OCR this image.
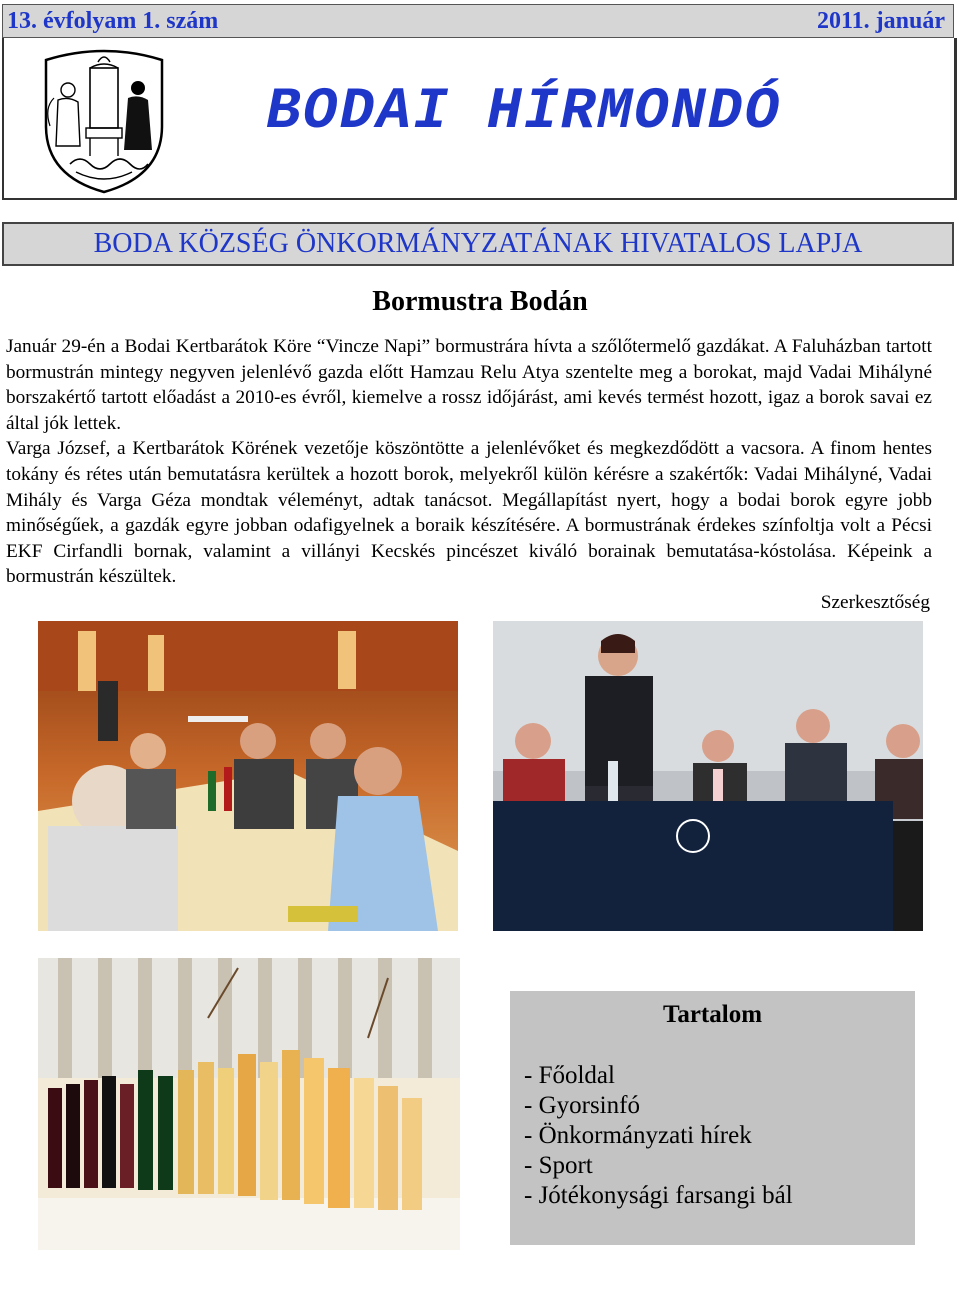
13. évfolyam 1. szám	2011. január
BODAI HÍRMONDÓ
BODA KÖZSÉG ÖNKORMÁNYZATÁNAK HIVATALOS LAPJA
Bormustra Bodán

Január 29-én a Bodai Kertbarátok Köre “Vincze Napi” bormustrára hívta a szőlőtermelő gazdákat. A Faluházban tartott bormustrán mintegy negyven jelenlévő gazda előtt Hamzau Relu Atya szentelte meg a borokat, majd Vadai Mihályné borszakértő tartott előadást a 2010-es évről, kiemelve a rossz időjárást, ami kevés termést hozott, igaz a borok savai ez által jók lettek.

Varga József, a Kertbarátok Körének vezetője köszöntötte a jelenlévőket és megkezdődött a vacsora. A finom hentes tokány és rétes után bemutatásra kerültek a hozott borok, melyekről külön kérésre a szakértők: Vadai Mihályné, Vadai Mihály és Varga Géza mondtak véleményt, adtak tanácsot. Megállapítást nyert, hogy a bodai borok egyre jobb minőségűek, a gazdák egyre jobban odafigyelnek a boraik készítésére. A bormustrának érdekes színfoltja volt a Pécsi EKF Cirfandli bornak, valamint a villányi Kecskés pincészet kiváló borainak bemutatása-kóstolása. Képeink a bormustrán készültek.

Szerkesztőség
Tartalom
- Főoldal
- Gyorsinfó
- Önkormányzati hírek
- Sport
- Jótékonysági farsangi bál
